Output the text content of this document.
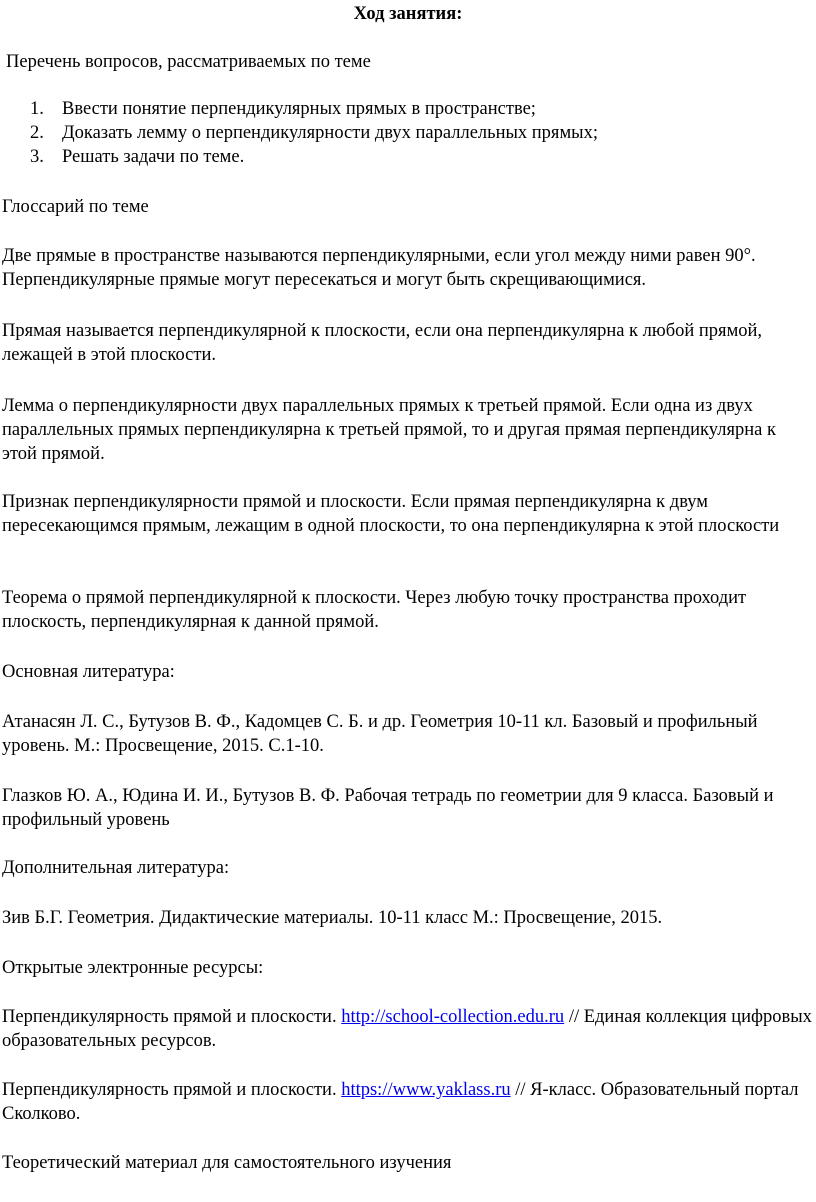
Ход занятия:

Перечень вопросов, рассматриваемых по теме

1. Ввести понятие перпендикулярных прямых в пространстве;
2. Доказать лемму о перпендикулярности двух параллельных прямых;
3. Решать задачи по теме.

Глоссарий по теме

Две прямые в пространстве называются перпендикулярными, если угол между ними равен 90°. Перпендикулярные прямые могут пересекаться и могут быть скрещивающимися.

Прямая называется перпендикулярной к плоскости, если она перпендикулярна к любой прямой, лежащей в этой плоскости.

Лемма о перпендикулярности двух параллельных прямых к третьей прямой. Если одна из двух параллельных прямых перпендикулярна к третьей прямой, то и другая прямая перпендикулярна к этой прямой.

Признак перпендикулярности прямой и плоскости. Если прямая перпендикулярна к двум пересекающимся прямым, лежащим в одной плоскости, то она перпендикулярна к этой плоскости

Теорема о прямой перпендикулярной к плоскости. Через любую точку пространства проходит плоскость, перпендикулярная к данной прямой.

Основная литература:

Атанасян Л. С., Бутузов В. Ф., Кадомцев С. Б. и др. Геометрия 10-11 кл. Базовый и профильный уровень. М.: Просвещение, 2015. С.1-10.

Глазков Ю. А., Юдина И. И., Бутузов В. Ф. Рабочая тетрадь по геометрии для 9 класса. Базовый и профильный уровень

Дополнительная литература:

Зив Б.Г. Геометрия. Дидактические материалы. 10-11 класс М.: Просвещение, 2015.

Открытые электронные ресурсы:

Перпендикулярность прямой и плоскости. http://school-collection.edu.ru // Единая коллекция цифровых образовательных ресурсов.

Перпендикулярность прямой и плоскости. https://www.yaklass.ru // Я-класс. Образовательный портал Сколково.

Теоретический материал для самостоятельного изучения
